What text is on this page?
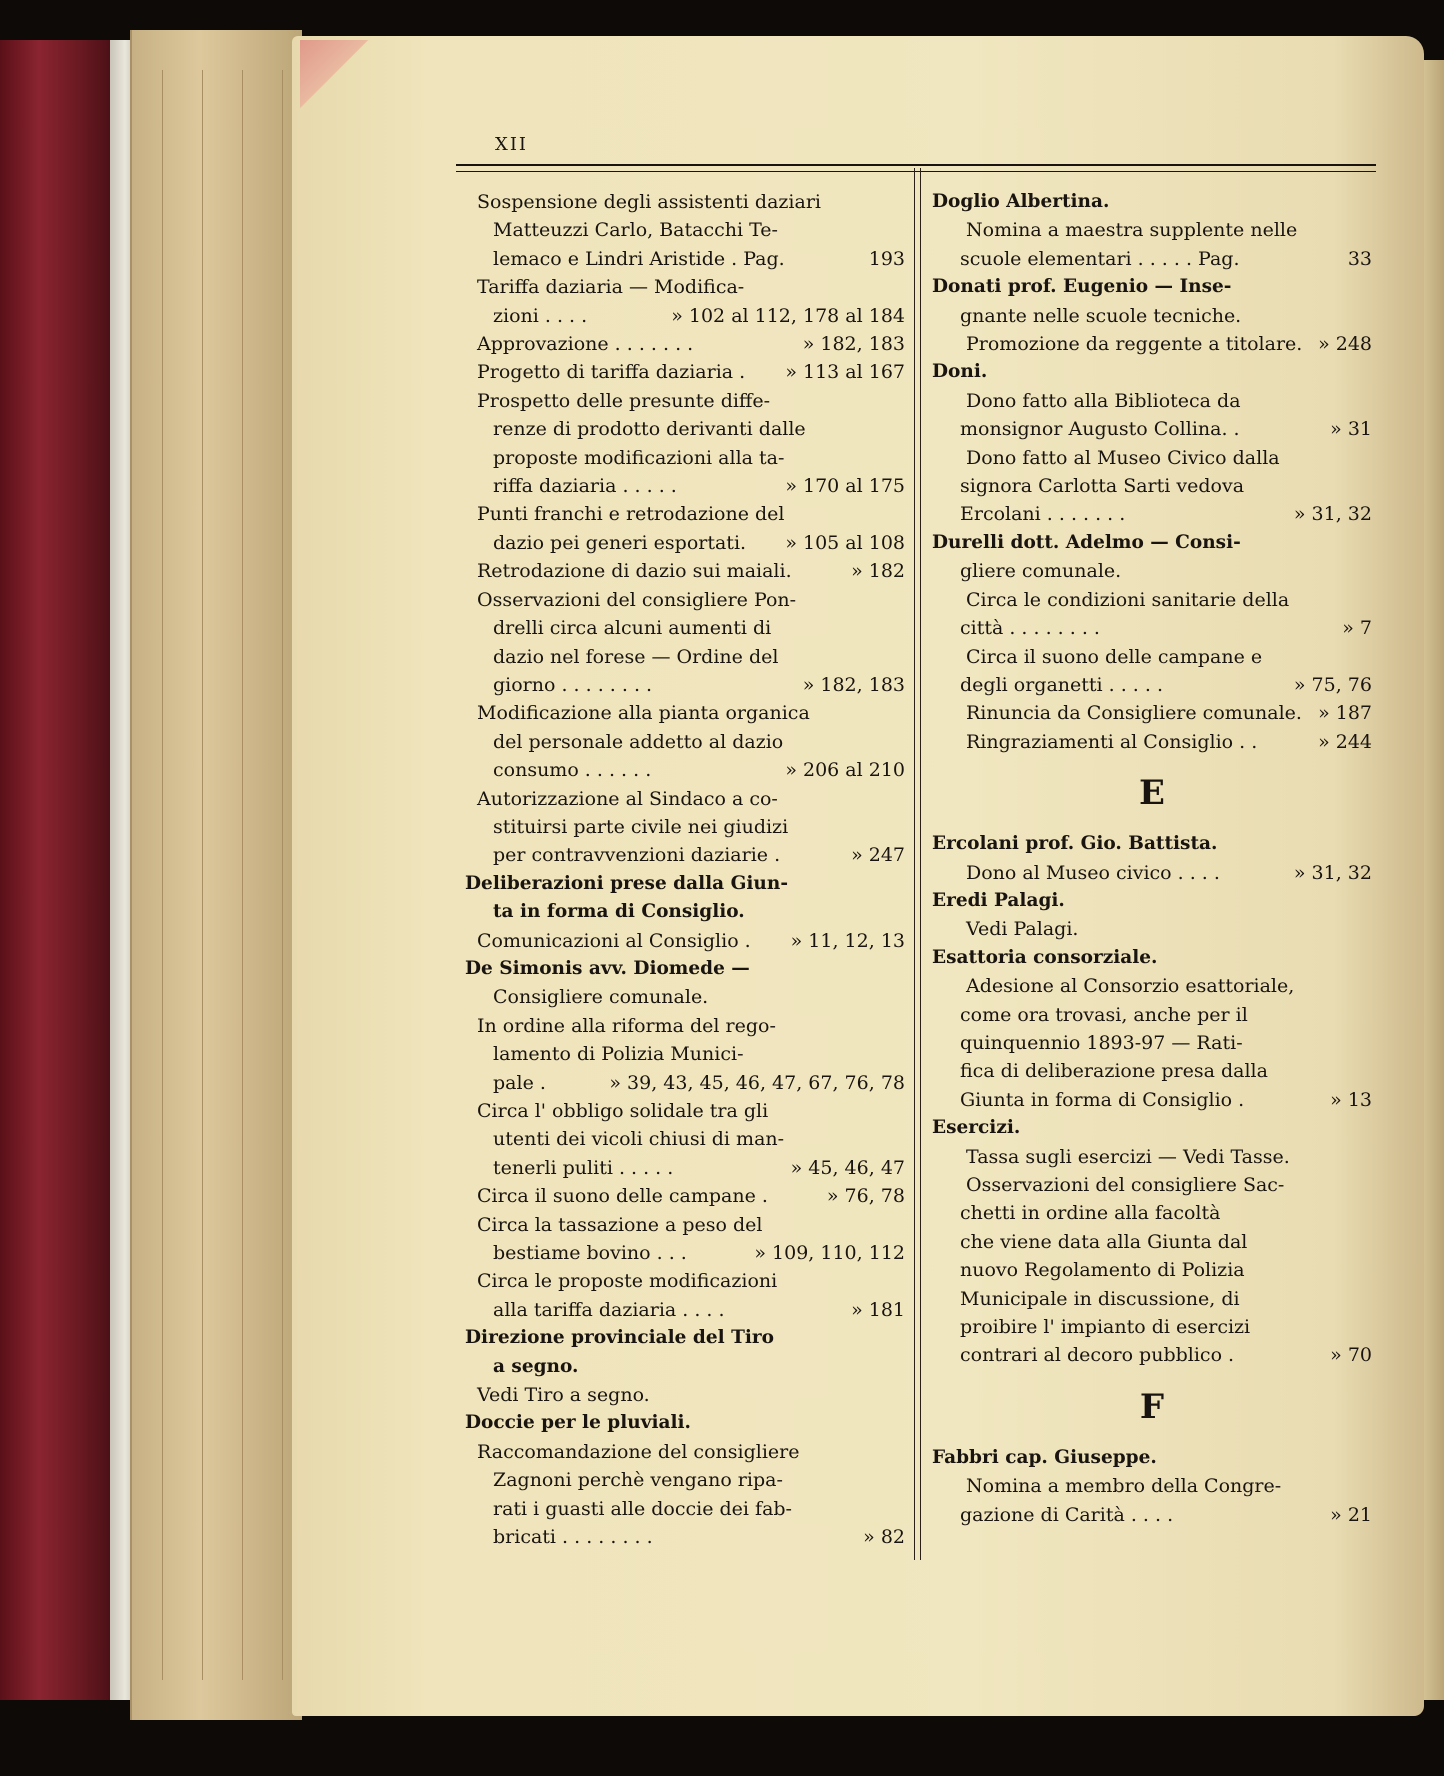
XII
Sospensione degli assistenti daziari
Matteuzzi Carlo, Batacchi Te-
lemaco e Lindri Aristide . Pag.	193
Tariffa daziaria — Modifica-
zioni . . . .	» 102 al 112, 178 al 184
Approvazione . . . . . . .	» 182, 183
Progetto di tariffa daziaria .	» 113 al 167
Prospetto delle presunte diffe-
renze di prodotto derivanti dalle
proposte modificazioni alla ta-
riffa daziaria . . . . .	» 170 al 175
Punti franchi e retrodazione del
dazio pei generi esportati.	» 105 al 108
Retrodazione di dazio sui maiali.	» 182
Osservazioni del consigliere Pon-
drelli circa alcuni aumenti di
dazio nel forese — Ordine del
giorno . . . . . . . .	» 182, 183
Modificazione alla pianta organica
del personale addetto al dazio
consumo . . . . . .	» 206 al 210
Autorizzazione al Sindaco a co-
stituirsi parte civile nei giudizi
per contravvenzioni daziarie .	» 247
Deliberazioni prese dalla Giun-
ta in forma di Consiglio.
Comunicazioni al Consiglio .	» 11, 12, 13
De Simonis avv. Diomede —
Consigliere comunale.
In ordine alla riforma del rego-
lamento di Polizia Munici-
pale .	» 39, 43, 45, 46, 47, 67, 76, 78
Circa l' obbligo solidale tra gli
utenti dei vicoli chiusi di man-
tenerli puliti . . . . .	» 45, 46, 47
Circa il suono delle campane .	» 76, 78
Circa la tassazione a peso del
bestiame bovino . . .	» 109, 110, 112
Circa le proposte modificazioni
alla tariffa daziaria . . . .	» 181
Direzione provinciale del Tiro
a segno.
Vedi Tiro a segno.
Doccie per le pluviali.
Raccomandazione del consigliere
Zagnoni perchè vengano ripa-
rati i guasti alle doccie dei fab-
bricati . . . . . . . .	» 82
Doglio Albertina.
Nomina a maestra supplente nelle
scuole elementari . . . . . Pag.	33
Donati prof. Eugenio — Inse-
gnante nelle scuole tecniche.
Promozione da reggente a titolare. » 248
Doni.
Dono fatto alla Biblioteca da
monsignor Augusto Collina. .	» 31
Dono fatto al Museo Civico dalla
signora Carlotta Sarti vedova
Ercolani . . . . . . .	» 31, 32
Durelli dott. Adelmo — Consi-
gliere comunale.
Circa le condizioni sanitarie della
città . . . . . . . .	» 7
Circa il suono delle campane e
degli organetti . . . . .	» 75, 76
Rinuncia da Consigliere comunale. » 187
Ringraziamenti al Consiglio . .	» 244
E
Ercolani prof. Gio. Battista.
Dono al Museo civico . . . .	» 31, 32
Eredi Palagi.
Vedi Palagi.
Esattoria consorziale.
Adesione al Consorzio esattoriale,
come ora trovasi, anche per il
quinquennio 1893-97 — Rati-
fica di deliberazione presa dalla
Giunta in forma di Consiglio .	» 13
Esercizi.
Tassa sugli esercizi — Vedi Tasse.
Osservazioni del consigliere Sac-
chetti in ordine alla facoltà
che viene data alla Giunta dal
nuovo Regolamento di Polizia
Municipale in discussione, di
proibire l' impianto di esercizi
contrari al decoro pubblico .	» 70
F
Fabbri cap. Giuseppe.
Nomina a membro della Congre-
gazione di Carità . . . .	» 21
